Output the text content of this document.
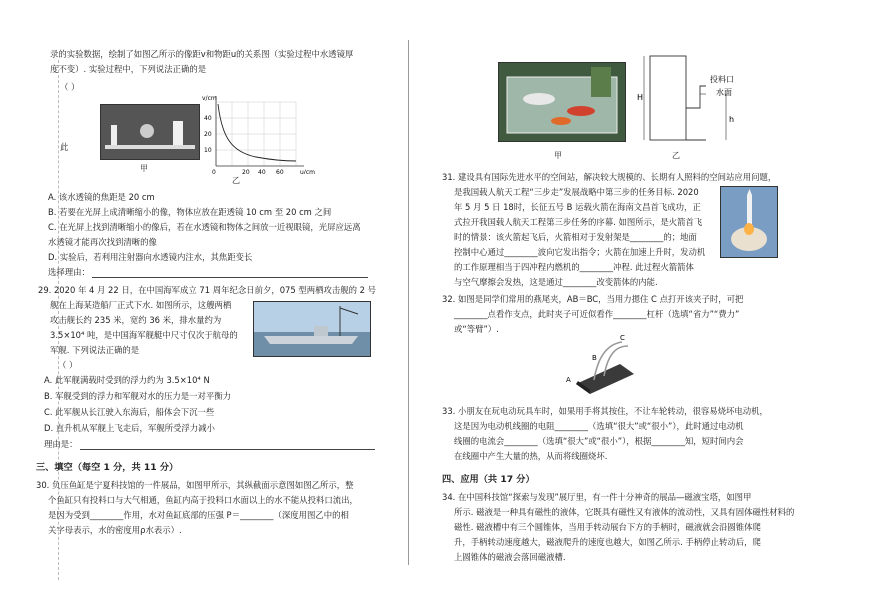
录的实验数据，绘制了如图乙所示的像距v和物距u的关系图（实验过程中水透镜厚
度不变）. 实验过程中，下列说法正确的是
（ ）
甲
v/cm
u/cm
40
20
10
0	20 40 60
乙
此
A. 该水透镜的焦距是 20 cm
B. 若要在光屏上成清晰缩小的像，物体应放在距透镜 10 cm 至 20 cm 之间
C. 在光屏上找到清晰缩小的像后，若在水透镜和物体之间放一近视眼镜，光屏应远离
水透镜才能再次找到清晰的像
D. 实验后，若利用注射器向水透镜内注水，其焦距变长
选择理由：
29. 2020 年 4 月 22 日，在中国海军成立 71 周年纪念日前夕，075 型两栖攻击舰的 2 号
舰在上海某造船厂正式下水. 如图所示，这艘两栖
攻击舰长约 235 米，宽约 36 米，排水量约为
3.5×10⁴ 吨，是中国海军舰艇中尺寸仅次于航母的
军舰. 下列说法正确的是
（ ）
A. 此军舰满载时受到的浮力约为 3.5×10⁴ N
B. 军舰受到的浮力和军舰对水的压力是一对平衡力
C. 此军舰从长江驶入东海后，船体会下沉一些
D. 直升机从军舰上飞走后，军舰所受浮力减小
理由是：
三、填空（每空 1 分，共 11 分）
30. 负压鱼缸是宁夏科技馆的一件展品，如图甲所示，其纵截面示意图如图乙所示，整
个鱼缸只有投料口与大气相通，鱼缸内高于投料口水面以上的水不能从投料口流出，
是因为受到________作用，水对鱼缸底部的压强 P＝________（深度用图乙中的相
关字母表示，水的密度用ρ水表示）.
甲
H
h
投料口
水面
乙
31. 建设具有国际先进水平的空间站，解决较大规模的、长期有人照料的空间站应用问题，
是我国载人航天工程“三步走”发展战略中第三步的任务目标. 2020
年 5 月 5 日 18时，长征五号 B 运载火箭在海南文昌首飞成功，正
式拉开我国载人航天工程第三步任务的序幕. 如图所示，是火箭首飞
时的情景：该火箭起飞后，火箭相对于发射架是________的；地面
控制中心通过________波向它发出指令；火箭在加速上升时，发动机
的工作原理相当于四冲程内燃机的________冲程. 此过程火箭箭体
与空气摩擦会发热，这是通过________改变箭体的内能.
32. 如图是同学们常用的燕尾夹，AB＝BC，当用力摁住 C 点打开该夹子时，可把
________点看作支点，此时夹子可近似看作________杠杆（选填“省力”“费力”
或“等臂”）.
A
B
C
33. 小朋友在玩电动玩具车时，如果用手将其按住，不让车轮转动，很容易烧坏电动机，
这是因为电动机线圈的电阻________（选填“很大”或“很小”），此时通过电动机
线圈的电流会________（选填“很大”或“很小”），根据________知，短时间内会
在线圈中产生大量的热，从而将线圈烧坏.
四、应用（共 17 分）
34. 在中国科技馆“探索与发现”展厅里，有一件十分神奇的展品—磁液宝塔，如图甲
所示. 磁液是一种具有磁性的液体，它既具有磁性又有液体的流动性，又具有固体磁性材料的
磁性. 磁液槽中有三个圆锥体，当用手转动展台下方的手柄时，磁液就会沿圆锥体爬
升，手柄转动速度越大，磁液爬升的速度也越大，如图乙所示. 手柄停止转动后，爬
上圆锥体的磁液会落回磁液槽.
